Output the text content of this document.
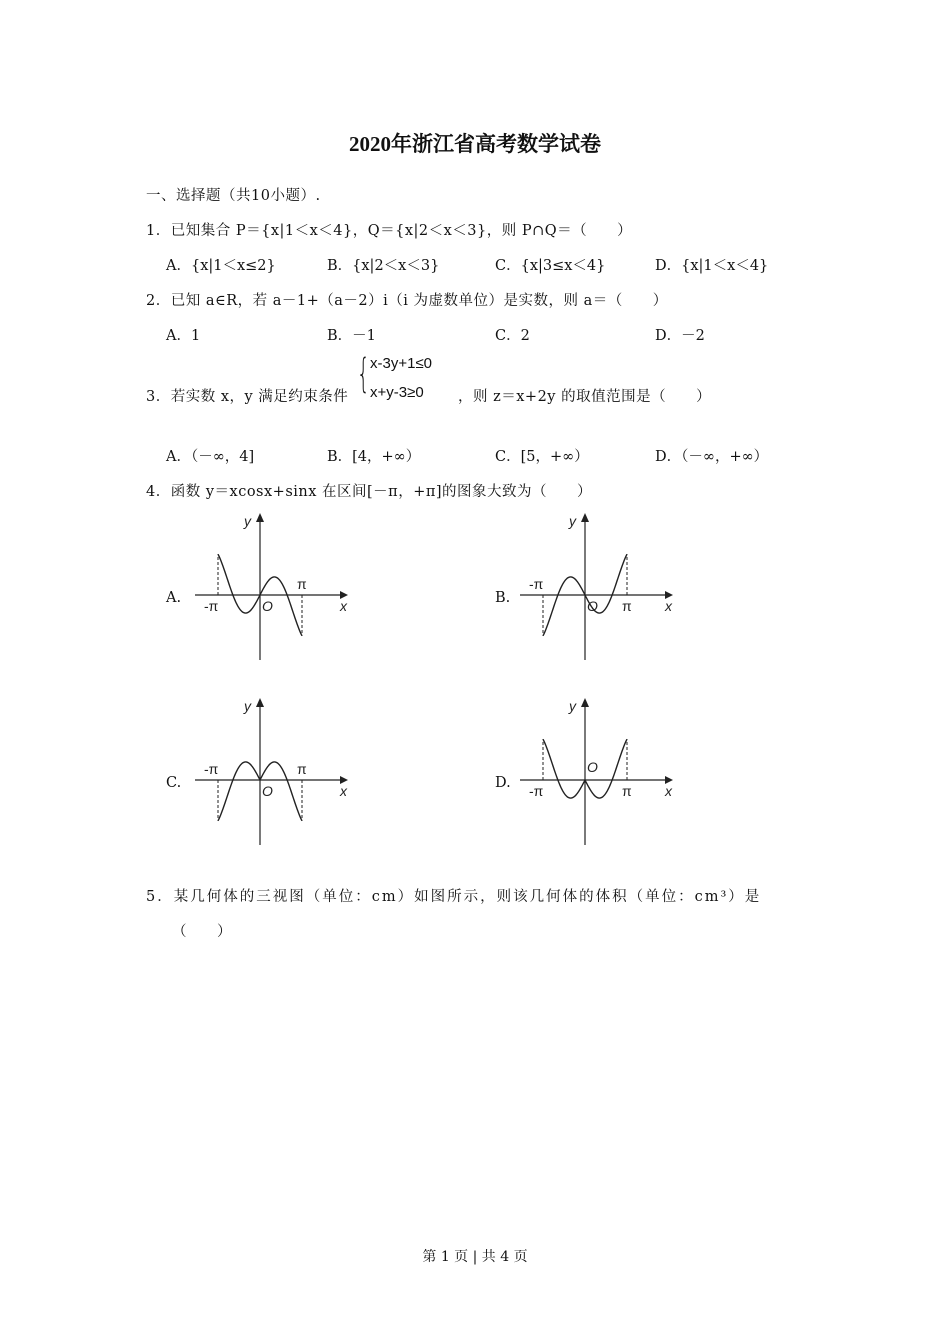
2020年浙江省高考数学试卷
一、选择题（共10小题）.
1．已知集合 P＝{x|1＜x＜4}，Q＝{x|2＜x＜3}，则 P∩Q＝（　　）
A．{x|1＜x≤2}	B．{x|2＜x＜3}	C．{x|3≤x＜4}	D．{x|1＜x＜4}
2．已知 a∈R，若 a－1+（a－2）i（i 为虚数单位）是实数，则 a＝（　　）
A．1	B．－1	C．2	D．－2
3．若实数 x，y 满足约束条件 { x-3y+1≤0
x+y-3≥0 ，则 z＝x+2y 的取值范围是（　　）
A．（－∞，4]	B．[4，+∞）	C．[5，+∞）	D．（－∞，+∞）
4．函数 y＝xcosx+sinx 在区间[－π，+π]的图象大致为（　　）
A.	B.
C.	D.
y
x
O
-π
π
y
x
O
-π
π
y
x
O
-π	π
y
x
O
-π	π
5．某几何体的三视图（单位：cm）如图所示，则该几何体的体积（单位：cm³）是
（　　）
第 1 页 | 共 4 页
